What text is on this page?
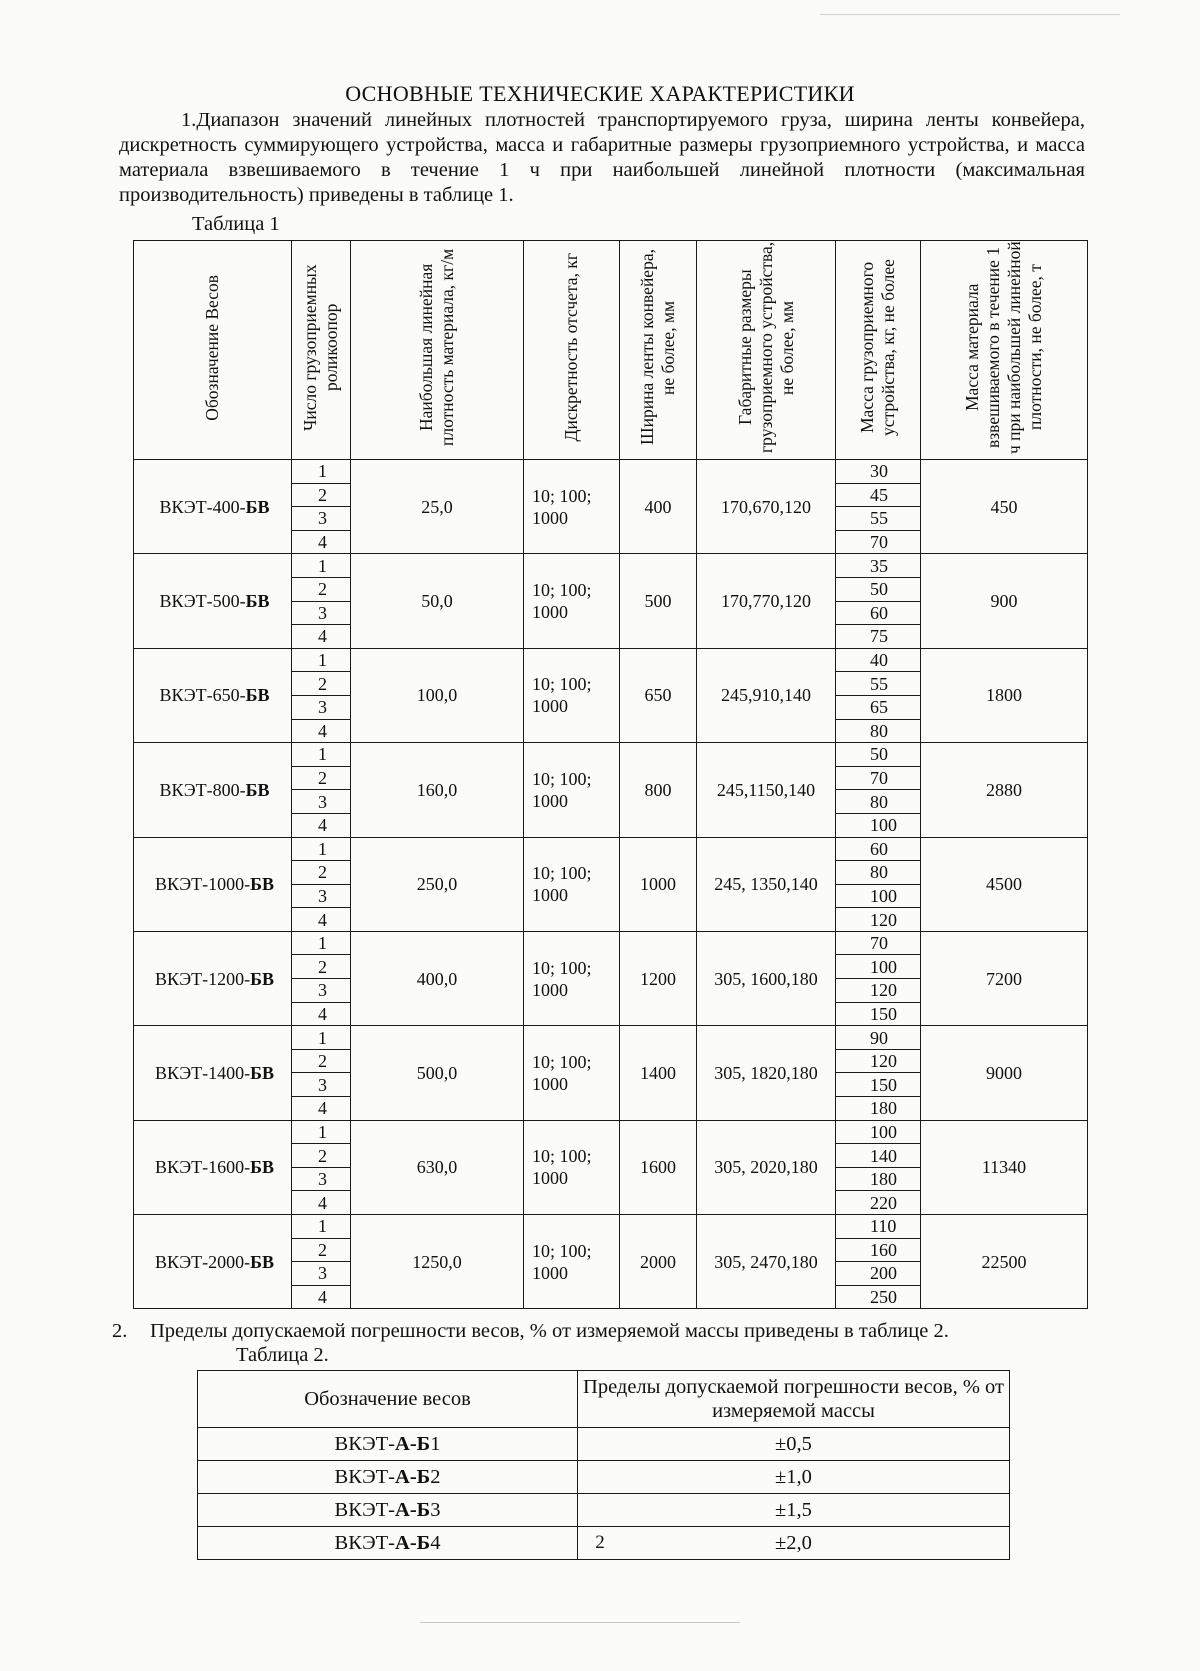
ОСНОВНЫЕ ТЕХНИЧЕСКИЕ ХАРАКТЕРИСТИКИ

1.Диапазон значений линейных плотностей транспортируемого груза, ширина ленты конвейера, дискретность суммирующего устройства, масса и габаритные размеры грузоприемного устройства, и масса материала взвешиваемого в течение 1 ч при наибольшей линейной плотности (максимальная производительность) приведены в таблице 1.

Таблица 1
Обозначение Весов	Число грузоприемных роликоопор	Наибольшая линейная плотность материала, кг/м	Дискретность отсчета, кг	Ширина ленты конвейера, не более, мм	Габаритные размеры грузоприемного устройства, не более, мм	Масса грузоприемного устройства, кг, не более	Масса материала взвешиваемого в течение 1 ч при наибольшей линейной плотности, не более, т
ВКЭТ-400-БВ	1	25,0	10; 100; 1000	400	170,670,120	30	450
	2					45	
	3					55	
	4					70	
ВКЭТ-500-БВ	1	50,0	10; 100; 1000	500	170,770,120	35	900
	2					50	
	3					60	
	4					75	
ВКЭТ-650-БВ	1	100,0	10; 100; 1000	650	245,910,140	40	1800
	2					55	
	3					65	
	4					80	
ВКЭТ-800-БВ	1	160,0	10; 100; 1000	800	245,1150,140	50	2880
	2					70	
	3					80	
	4					100	
ВКЭТ-1000-БВ	1	250,0	10; 100; 1000	1000	245, 1350,140	60	4500
	2					80	
	3					100	
	4					120	
ВКЭТ-1200-БВ	1	400,0	10; 100; 1000	1200	305, 1600,180	70	7200
	2					100	
	3					120	
	4					150	
ВКЭТ-1400-БВ	1	500,0	10; 100; 1000	1400	305, 1820,180	90	9000
	2					120	
	3					150	
	4					180	
ВКЭТ-1600-БВ	1	630,0	10; 100; 1000	1600	305, 2020,180	100	11340
	2					140	
	3					180	
	4					220	
ВКЭТ-2000-БВ	1	1250,0	10; 100; 1000	2000	305, 2470,180	110	22500
	2					160	
	3					200	
	4					250	
2. Пределы допускаемой погрешности весов, % от измеряемой массы приведены в таблице 2.
Таблица 2.
Обозначение весов	Пределы допускаемой погрешности весов, % от измеряемой массы
ВКЭТ-А-Б1	±0,5
ВКЭТ-А-Б2	±1,0
ВКЭТ-А-Б3	±1,5
ВКЭТ-А-Б4	±2,0
2
